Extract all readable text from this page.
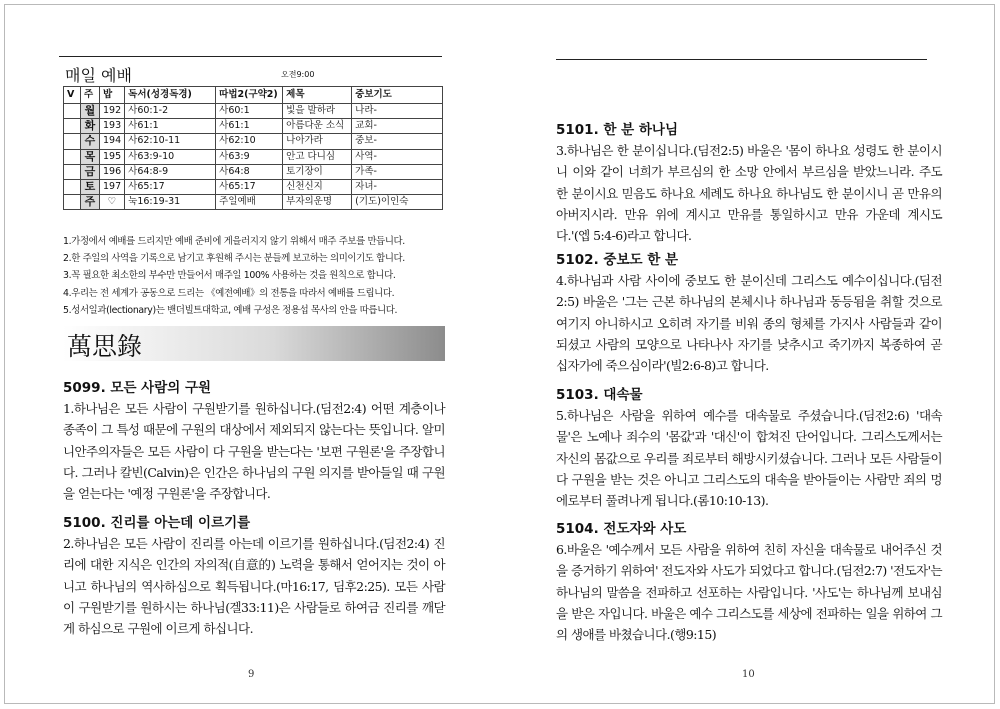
매일 예배	오전9:00
V	주	밥	독서(성경독경)	따법2(구약2)	제목	중보기도
	월	192	사60:1-2	사60:1	빛을 발하라	나라-
	화	193	사61:1	사61:1	아름다운 소식	교회-
	수	194	사62:10-11	사62:10	나아가라	중보-
	목	195	사63:9-10	사63:9	안고 다니심	사역-
	금	196	사64:8-9	사64:8	토기장이	가족-
	토	197	사65:17	사65:17	신천신지	자녀-
	주	♡	눅16:19-31	주일예배	부자의운명	(기도)이인숙
1.가정에서 예배를 드리지만 예배 준비에 게을러지지 않기 위해서 매주 주보를 만듭니다.
2.한 주일의 사역을 기록으로 남기고 후원해 주시는 분들께 보고하는 의미이기도 합니다.
3.꼭 필요한 최소한의 부수만 만들어서 매주일 100% 사용하는 것을 원칙으로 합니다.
4.우리는 전 세계가 공동으로 드리는 《예전예배》의 전통을 따라서 예배를 드립니다.
5.성서일과(lectionary)는 밴더빌트대학교, 예배 구성은 정용섭 목사의 안을 따릅니다.
萬思錄
5099. 모든 사람의 구원

1.하나님은 모든 사람이 구원받기를 원하십니다.(딤전2:4) 어떤 계층이나 종족이 그 특성 때문에 구원의 대상에서 제외되지 않는다는 뜻입니다. 알미니안주의자들은 모든 사람이 다 구원을 받는다는 '보편 구원론'을 주장합니다. 그러나 칼빈(Calvin)은 인간은 하나님의 구원 의지를 받아들일 때 구원을 얻는다는 '예정 구원론'을 주장합니다.

5100. 진리를 아는데 이르기를

2.하나님은 모든 사람이 진리를 아는데 이르기를 원하십니다.(딤전2:4) 진리에 대한 지식은 인간의 자의적(自意的) 노력을 통해서 얻어지는 것이 아니고 하나님의 역사하심으로 획득됩니다.(마16:17, 딤후2:25). 모든 사람이 구원받기를 원하시는 하나님(겔33:11)은 사람들로 하여금 진리를 깨닫게 하심으로 구원에 이르게 하십니다.

9
5101. 한 분 하나님

3.하나님은 한 분이십니다.(딤전2:5) 바울은 '몸이 하나요 성령도 한 분이시니 이와 같이 너희가 부르심의 한 소망 안에서 부르심을 받았느니라. 주도 한 분이시요 믿음도 하나요 세례도 하나요 하나님도 한 분이시니 곧 만유의 아버지시라. 만유 위에 계시고 만유를 통일하시고 만유 가운데 계시도다.'(엡 5:4-6)라고 합니다.

5102. 중보도 한 분

4.하나님과 사람 사이에 중보도 한 분이신데 그리스도 예수이십니다.(딤전2:5) 바울은 '그는 근본 하나님의 본체시나 하나님과 동등됨을 취할 것으로 여기지 아니하시고 오히려 자기를 비워 종의 형체를 가지사 사람들과 같이 되셨고 사람의 모양으로 나타나사 자기를 낮추시고 죽기까지 복종하여 곧 십자가에 죽으심이라'(빌2:6-8)고 합니다.

5103. 대속물

5.하나님은 사람을 위하여 예수를 대속물로 주셨습니다.(딤전2:6) '대속물'은 노예나 죄수의 '몸값'과 '대신'이 합쳐진 단어입니다. 그리스도께서는 자신의 몸값으로 우리를 죄로부터 해방시키셨습니다. 그러나 모든 사람들이 다 구원을 받는 것은 아니고 그리스도의 대속을 받아들이는 사람만 죄의 멍에로부터 풀려나게 됩니다.(롬10:10-13).

5104. 전도자와 사도

6.바울은 '예수께서 모든 사람을 위하여 친히 자신을 대속물로 내어주신 것을 증거하기 위하여' 전도자와 사도가 되었다고 합니다.(딤전2:7) '전도자'는 하나님의 말씀을 전파하고 선포하는 사람입니다. '사도'는 하나님께 보내심을 받은 자입니다. 바울은 예수 그리스도를 세상에 전파하는 일을 위하여 그의 생애를 바쳤습니다.(행9:15)

10
